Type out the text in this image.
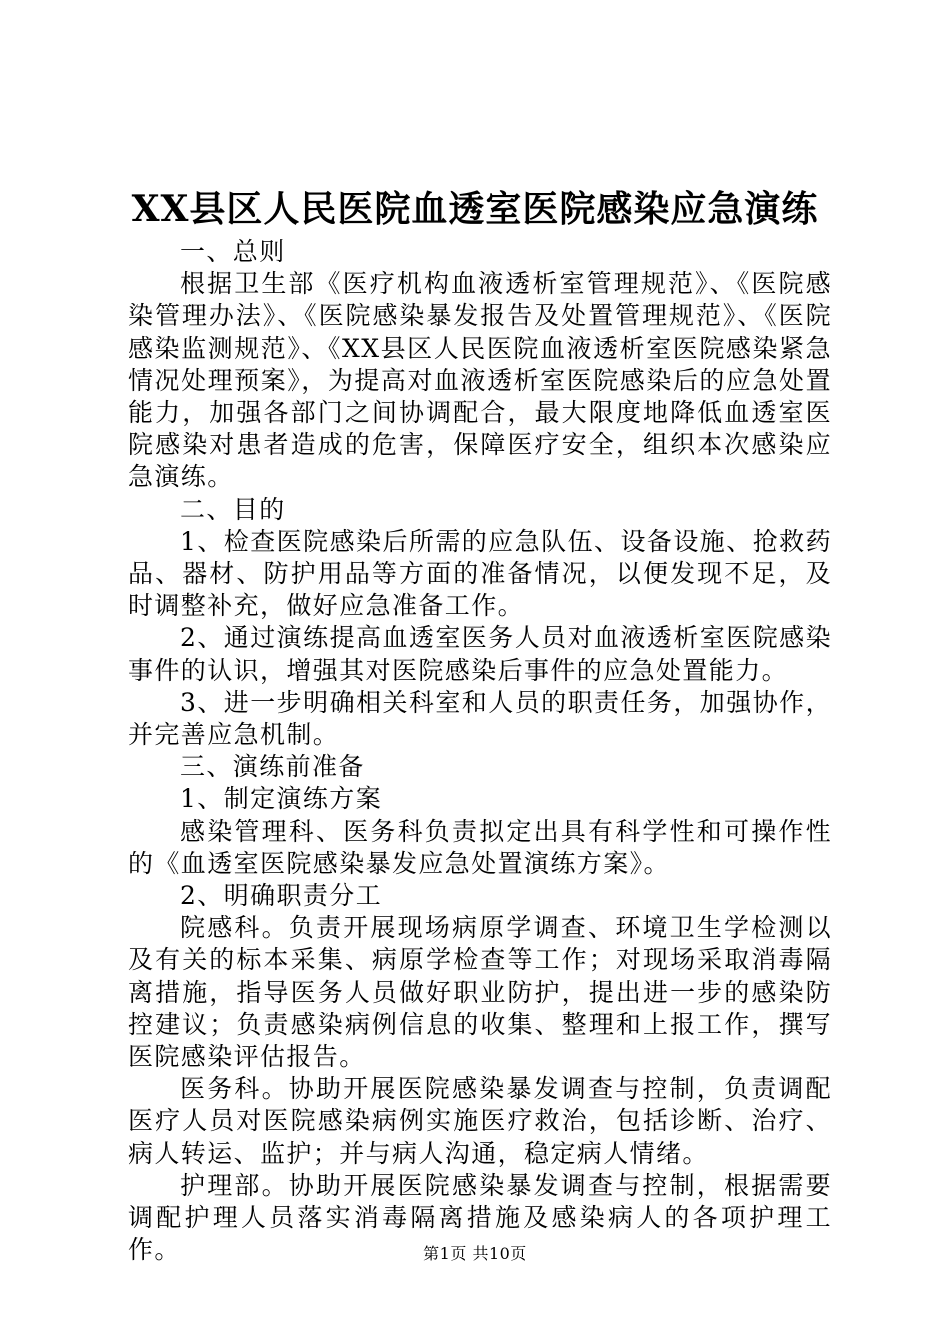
XX县区人民医院血透室医院感染应急演练

一、总则

根据卫生部《医疗机构血液透析室管理规范》、《医院感染管理办法》、《医院感染暴发报告及处置管理规范》、《医院感染监测规范》、《XX县区人民医院血液透析室医院感染紧急情况处理预案》，为提高对血液透析室医院感染后的应急处置能力，加强各部门之间协调配合，最大限度地降低血透室医院感染对患者造成的危害，保障医疗安全，组织本次感染应急演练。

二、目的

1、检查医院感染后所需的应急队伍、设备设施、抢救药品、器材、防护用品等方面的准备情况，以便发现不足，及时调整补充，做好应急准备工作。

2、通过演练提高血透室医务人员对血液透析室医院感染事件的认识，增强其对医院感染后事件的应急处置能力。

3、进一步明确相关科室和人员的职责任务，加强协作，并完善应急机制。

三、演练前准备

1、制定演练方案

感染管理科、医务科负责拟定出具有科学性和可操作性的《血透室医院感染暴发应急处置演练方案》。

2、明确职责分工

院感科。负责开展现场病原学调查、环境卫生学检测以及有关的标本采集、病原学检查等工作；对现场采取消毒隔离措施，指导医务人员做好职业防护，提出进一步的感染防控建议；负责感染病例信息的收集、整理和上报工作，撰写医院感染评估报告。

医务科。协助开展医院感染暴发调查与控制，负责调配医疗人员对医院感染病例实施医疗救治，包括诊断、治疗、病人转运、监护；并与病人沟通，稳定病人情绪。

护理部。协助开展医院感染暴发调查与控制，根据需要调配护理人员落实消毒隔离措施及感染病人的各项护理工作。	第1页 共10页
